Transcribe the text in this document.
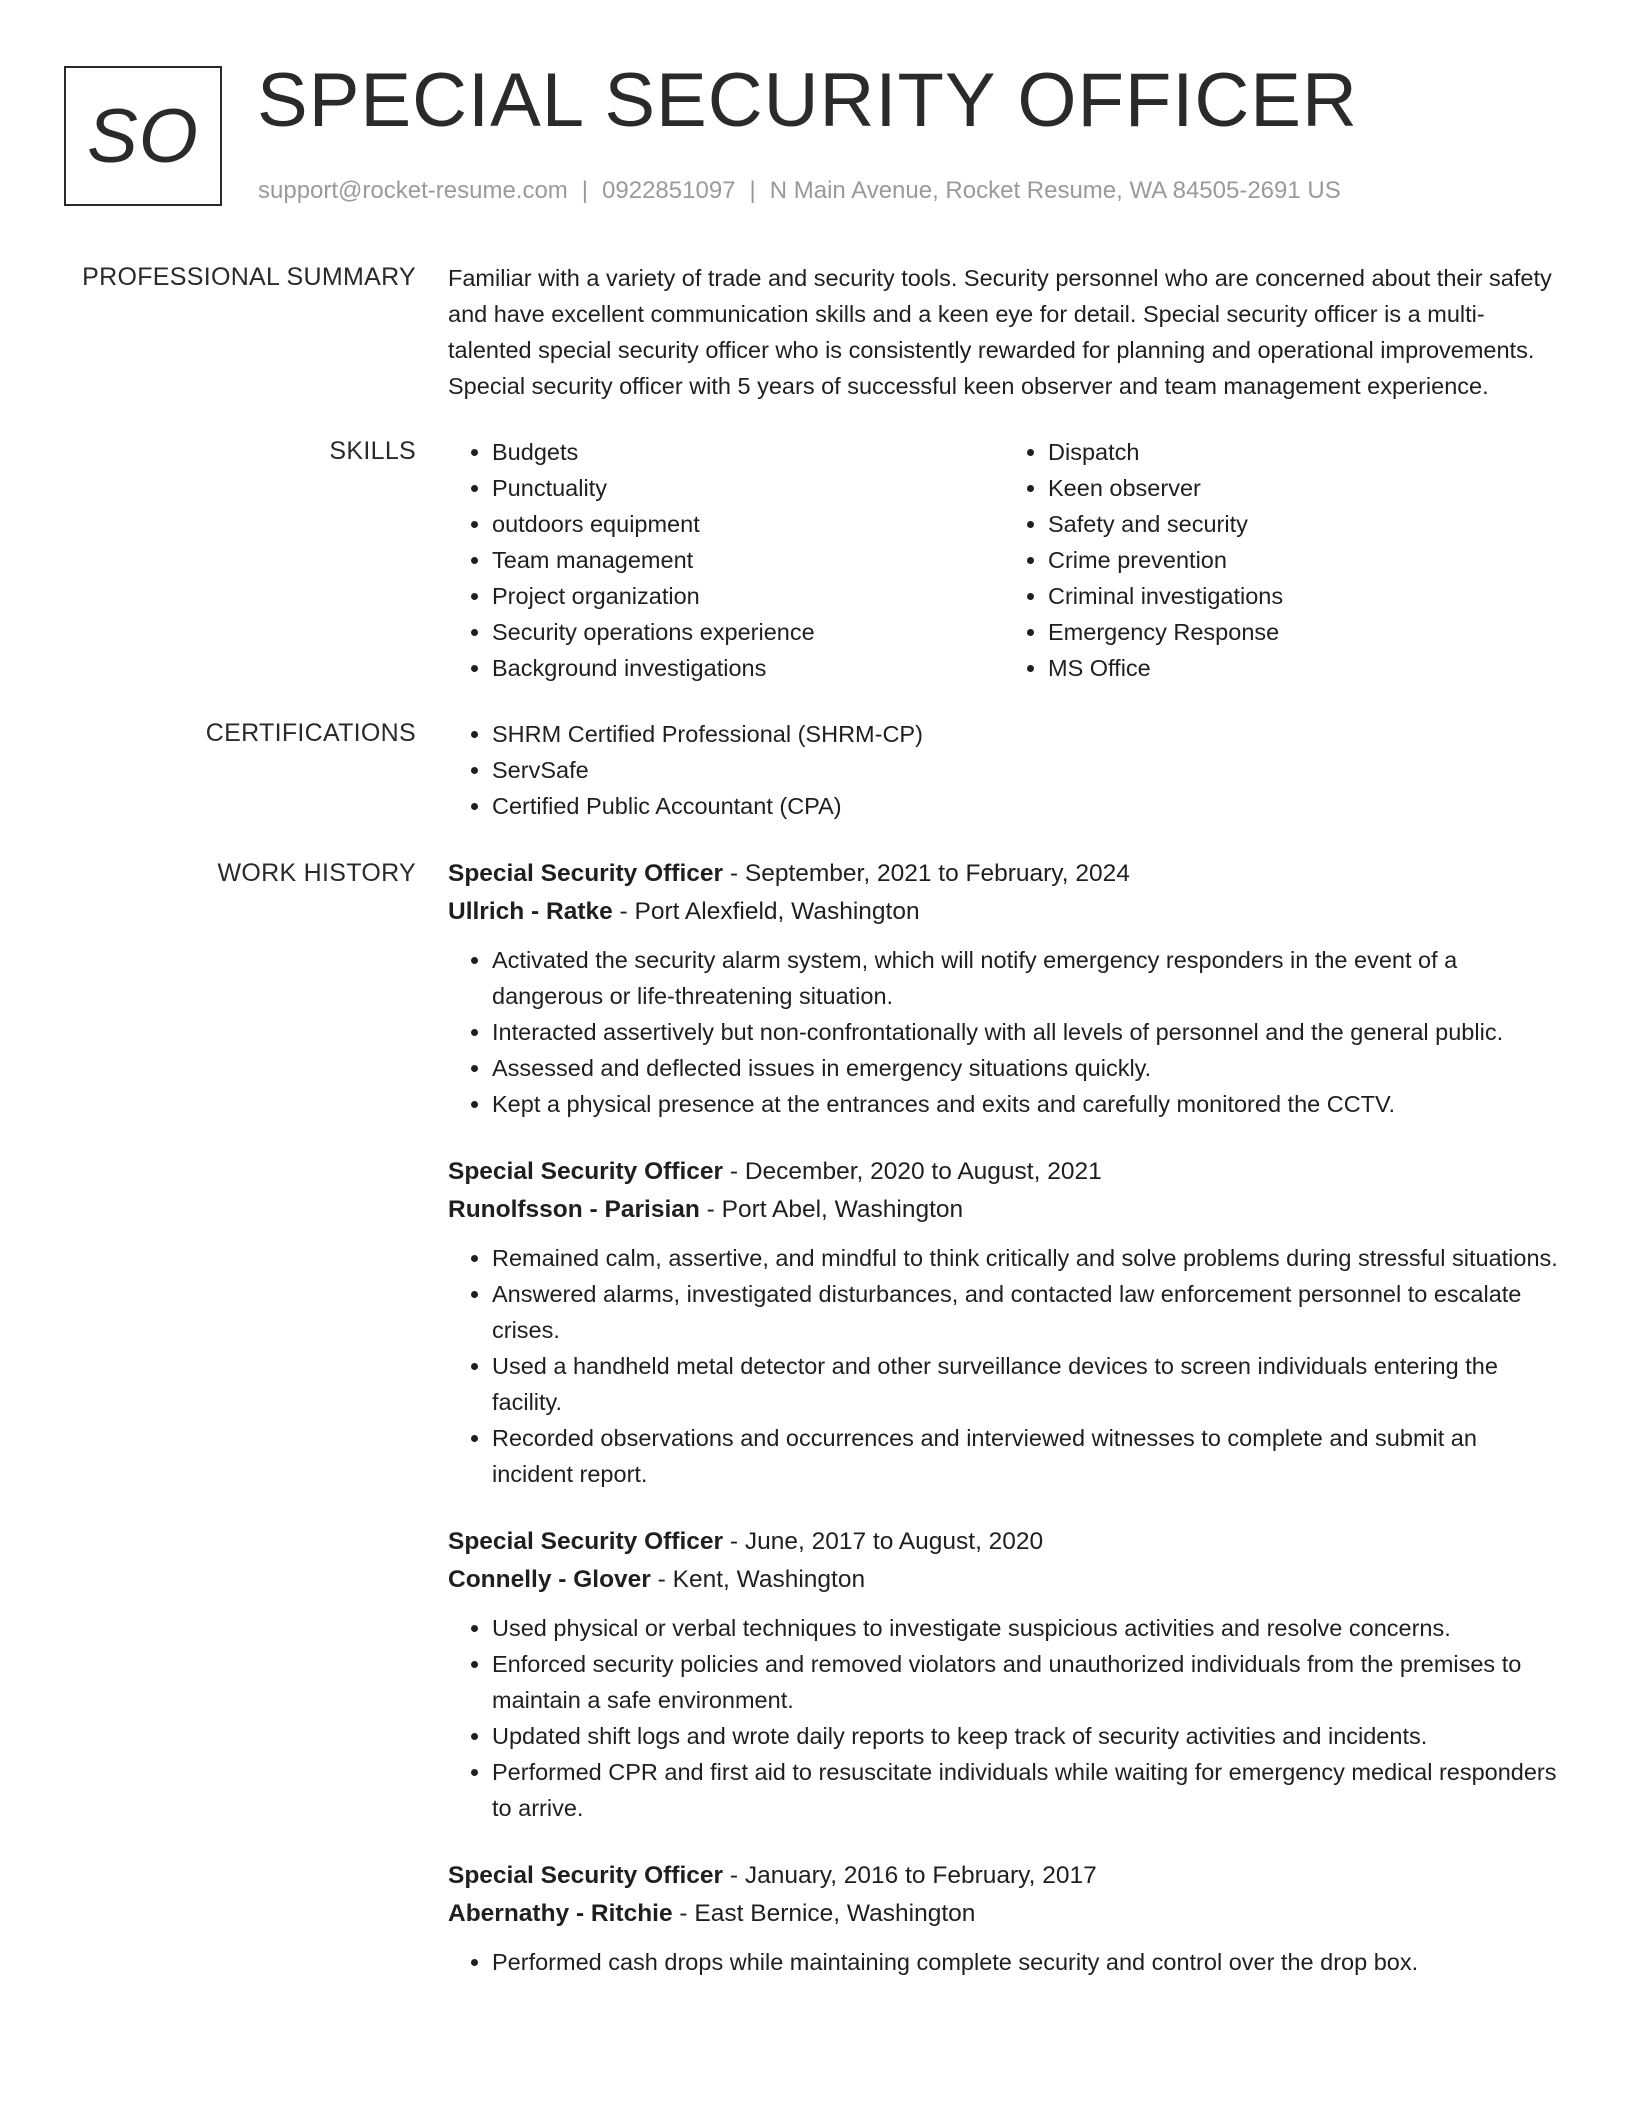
SO SPECIAL SECURITY OFFICER
support@rocket-resume.com | 0922851097 | N Main Avenue, Rocket Resume, WA 84505-2691 US
PROFESSIONAL SUMMARY Familiar with a variety of trade and security tools. Security personnel who are concerned about their safety and have excellent communication skills and a keen eye for detail. Special security officer is a multi-talented special security officer who is consistently rewarded for planning and operational improvements. Special security officer with 5 years of successful keen observer and team management experience.

SKILLS	• Budgets
• Punctuality
• outdoors equipment
• Team management
• Project organization
• Security operations experience
• Background investigations
• Dispatch
• Keen observer
• Safety and security
• Crime prevention
• Criminal investigations
• Emergency Response
• MS Office
CERTIFICATIONS	• SHRM Certified Professional (SHRM-CP)
• ServSafe
• Certified Public Accountant (CPA)
WORK HISTORY Special Security Officer - September, 2021 to February, 2024
Ullrich - Ratke - Port Alexfield, Washington
• Activated the security alarm system, which will notify emergency responders in the event of a dangerous or life-threatening situation.
• Interacted assertively but non-confrontationally with all levels of personnel and the general public.
• Assessed and deflected issues in emergency situations quickly.
• Kept a physical presence at the entrances and exits and carefully monitored the CCTV.
Special Security Officer - December, 2020 to August, 2021
Runolfsson - Parisian - Port Abel, Washington
• Remained calm, assertive, and mindful to think critically and solve problems during stressful situations.
• Answered alarms, investigated disturbances, and contacted law enforcement personnel to escalate crises.
• Used a handheld metal detector and other surveillance devices to screen individuals entering the facility.
• Recorded observations and occurrences and interviewed witnesses to complete and submit an incident report.
Special Security Officer - June, 2017 to August, 2020
Connelly - Glover - Kent, Washington
• Used physical or verbal techniques to investigate suspicious activities and resolve concerns.
• Enforced security policies and removed violators and unauthorized individuals from the premises to maintain a safe environment.
• Updated shift logs and wrote daily reports to keep track of security activities and incidents.
• Performed CPR and first aid to resuscitate individuals while waiting for emergency medical responders to arrive.
Special Security Officer - January, 2016 to February, 2017
Abernathy - Ritchie - East Bernice, Washington
• Performed cash drops while maintaining complete security and control over the drop box.
